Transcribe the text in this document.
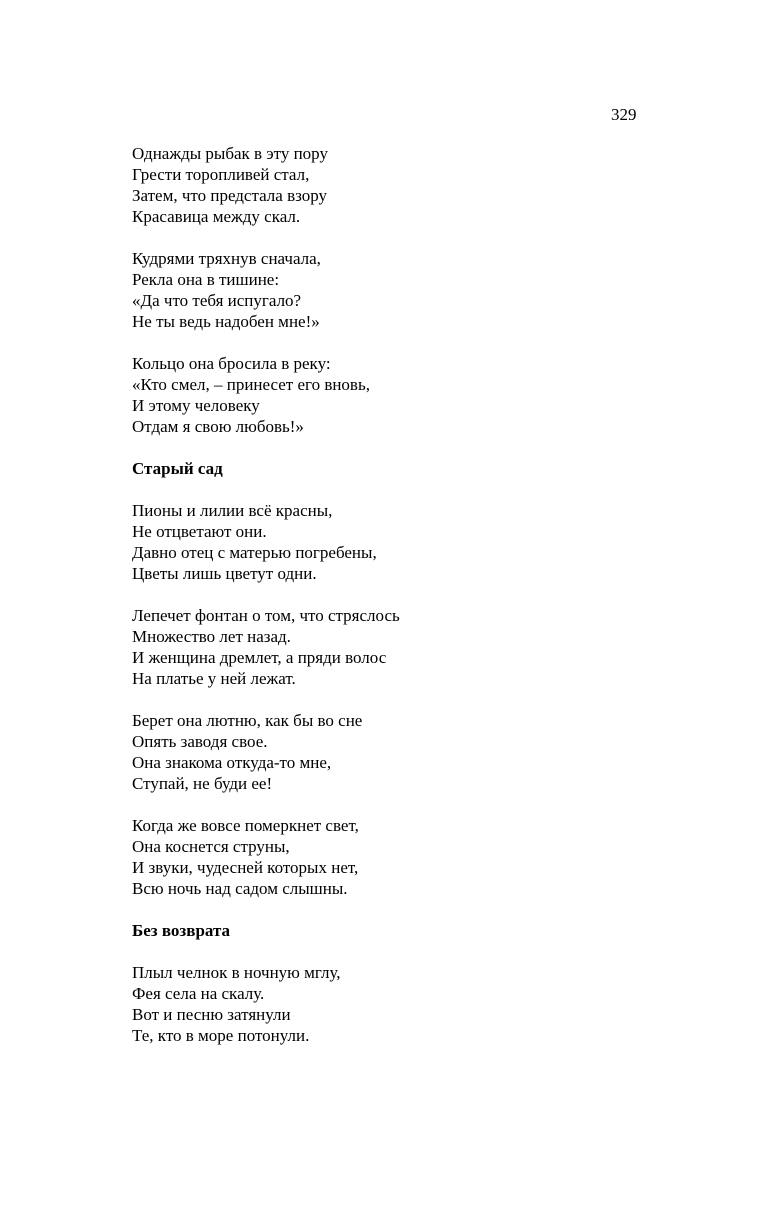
329
Однажды рыбак в эту пору
Грести торопливей стал,
Затем, что предстала взору
Красавица между скал.
Кудрями тряхнув сначала,
Рекла она в тишине:
«Да что тебя испугало?
Не ты ведь надобен мне!»
Кольцо она бросила в реку:
«Кто смел, – принесет его вновь,
И этому человеку
Отдам я свою любовь!»
Старый сад
Пионы и лилии всё красны,
Не отцветают они.
Давно отец с матерью погребены,
Цветы лишь цветут одни.
Лепечет фонтан о том, что стряслось
Множество лет назад.
И женщина дремлет, а пряди волос
На платье у ней лежат.
Берет она лютню, как бы во сне
Опять заводя свое.
Она знакома откуда-то мне,
Ступай, не буди ее!
Когда же вовсе померкнет свет,
Она коснется струны,
И звуки, чудесней которых нет,
Всю ночь над садом слышны.
Без возврата
Плыл челнок в ночную мглу,
Фея села на скалу.
Вот и песню затянули
Те, кто в море потонули.
